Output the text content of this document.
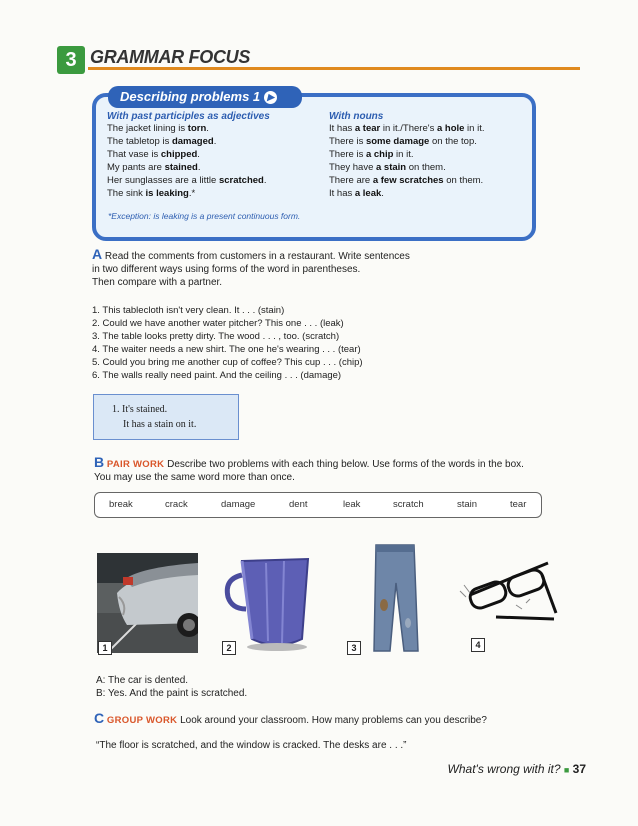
3 GRAMMAR FOCUS
Describing problems 1 ▶
With past participles as adjectives
The jacket lining is torn.
The tabletop is damaged.
That vase is chipped.
My pants are stained.
Her sunglasses are a little scratched.
The sink is leaking.*
With nouns
It has a tear in it./There's a hole in it.
There is some damage on the top.
There is a chip in it.
They have a stain on them.
There are a few scratches on them.
It has a leak.
*Exception: is leaking is a present continuous form.
A Read the comments from customers in a restaurant. Write sentences
in two different ways using forms of the word in parentheses.
Then compare with a partner.
1. This tablecloth isn't very clean. It . . . (stain)
2. Could we have another water pitcher? This one . . . (leak)
3. The table looks pretty dirty. The wood . . . , too. (scratch)
4. The waiter needs a new shirt. The one he's wearing . . . (tear)
5. Could you bring me another cup of coffee? This cup . . . (chip)
6. The walls really need paint. And the ceiling . . . (damage)
1. It's stained.
It has a stain on it.
B PAIR WORK Describe two problems with each thing below. Use forms of the words in the box.
You may use the same word more than once.
break	crack	damage	dent	leak	scratch	stain	tear
1	2	3	4
A: The car is dented.
B: Yes. And the paint is scratched.
C GROUP WORK Look around your classroom. How many problems can you describe?
“The floor is scratched, and the window is cracked. The desks are . . .”
What's wrong with it? ■ 37
